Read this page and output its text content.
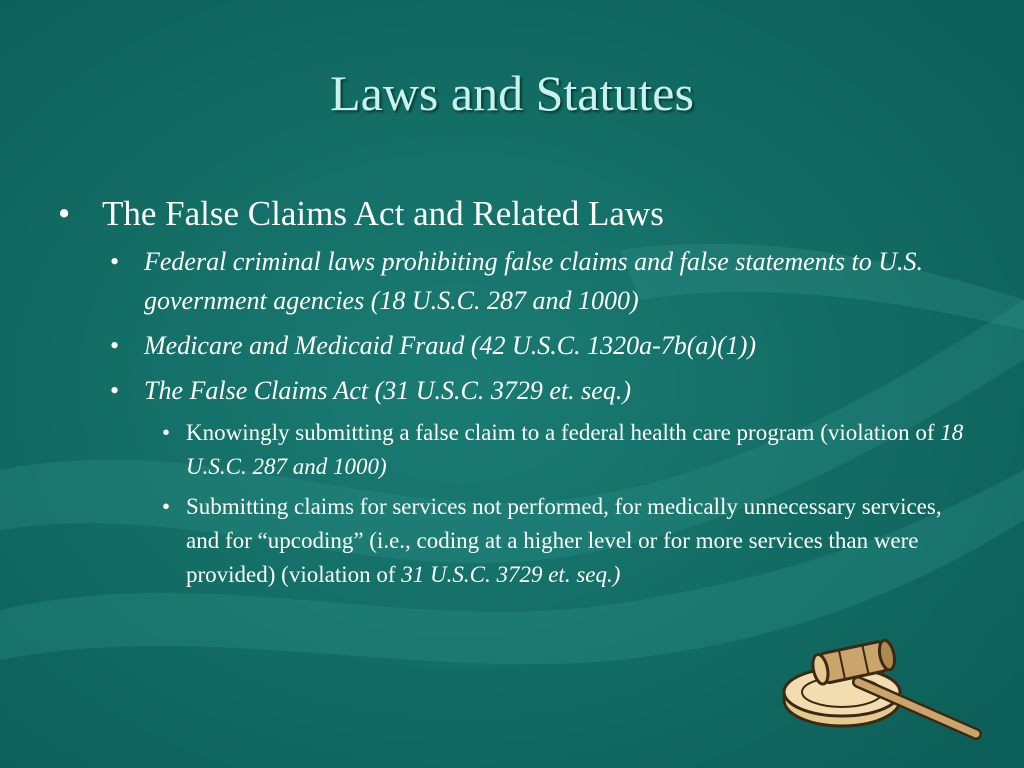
Laws and Statutes
• The False Claims Act and Related Laws
• Federal criminal laws prohibiting false claims and false statements to U.S. government agencies (18 U.S.C. 287 and 1000)
• Medicare and Medicaid Fraud (42 U.S.C. 1320a-7b(a)(1))
• The False Claims Act (31 U.S.C. 3729 et. seq.)
• Knowingly submitting a false claim to a federal health care program (violation of 18 U.S.C. 287 and 1000)
• Submitting claims for services not performed, for medically unnecessary services, and for “upcoding” (i.e., coding at a higher level or for more services than were provided) (violation of 31 U.S.C. 3729 et. seq.)
